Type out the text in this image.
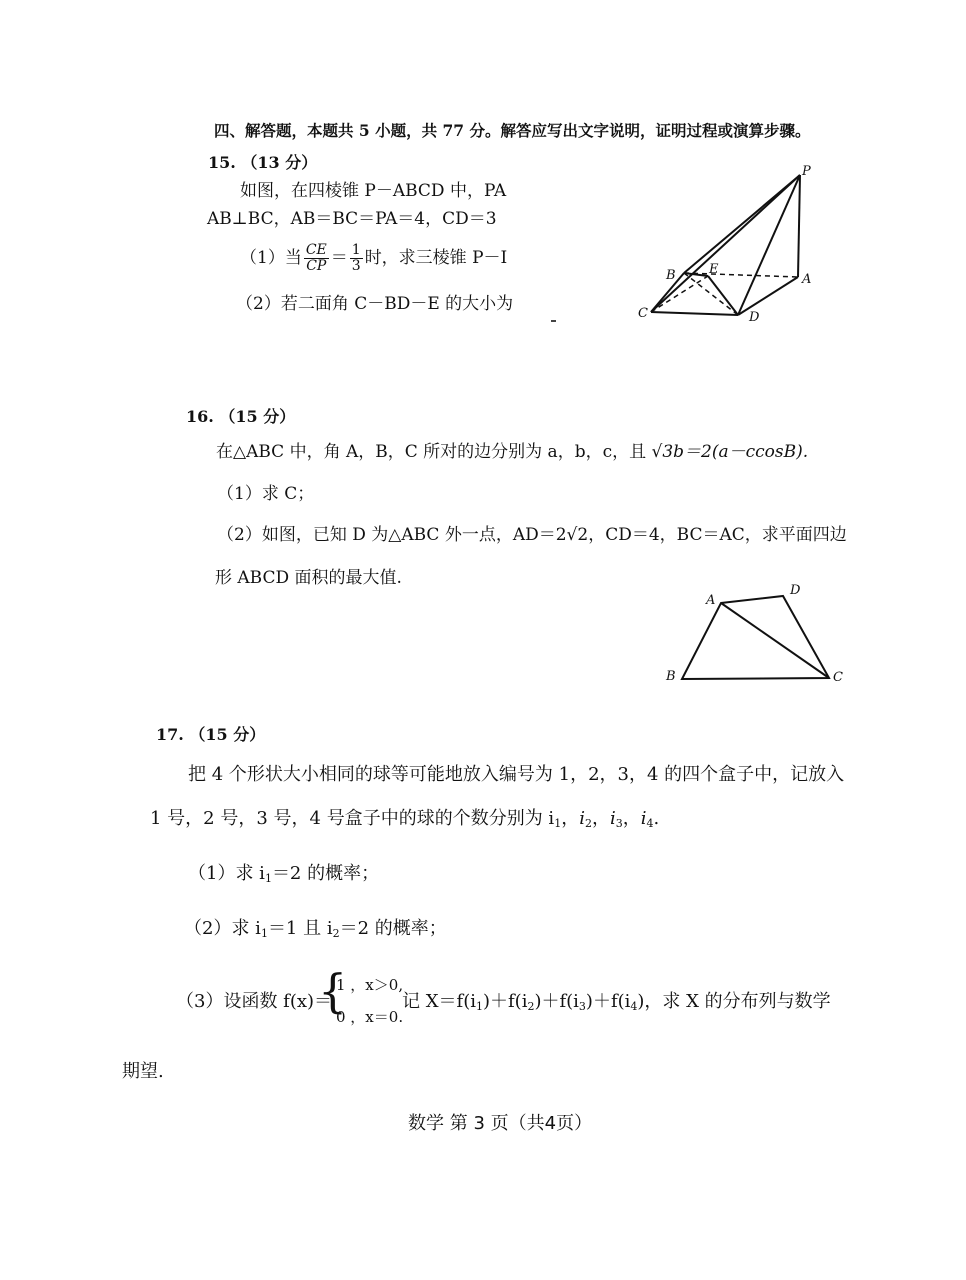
四、解答题，本题共 5 小题，共 77 分。解答应写出文字说明，证明过程或演算步骤。
15. （13 分）
如图，在四棱锥 P－ABCD 中，PA
AB⊥BC，AB＝BC＝PA＝4，CD＝3
（1）当 $\frac{CE}{CP} = \frac{1}{3}$ 时，求三棱锥 P－I
（2）若二面角 C－BD－E 的大小为
P
A
B	E
C	D
16. （15 分）
在△ABC 中，角 A，B，C 所对的边分别为 a，b，c，且 √3b＝2(a－ccosB).
（1）求 C；
（2）如图，已知 D 为△ABC 外一点，AD＝2√2，CD＝4，BC＝AC，求平面四边
形 ABCD 面积的最大值.
A
D
B	C
17. （15 分）
把 4 个形状大小相同的球等可能地放入编号为 1，2，3，4 的四个盒子中，记放入
1 号，2 号，3 号，4 号盒子中的球的个数分别为 $i_1$，$i_2$，$i_3$，$i_4$.
（1）求 $i_1=2$ 的概率；
（2）求 $i_1=1$ 且 $i_2=2$ 的概率；
（3）设函数 f(x)＝
{
1 ，x＞0,
0 ，x＝0.
记 $X=f(i_1)+f(i_2)+f(i_3)+f(i_4)$，求 X 的分布列与数学
期望.
数学 第 3 页（共4页）
